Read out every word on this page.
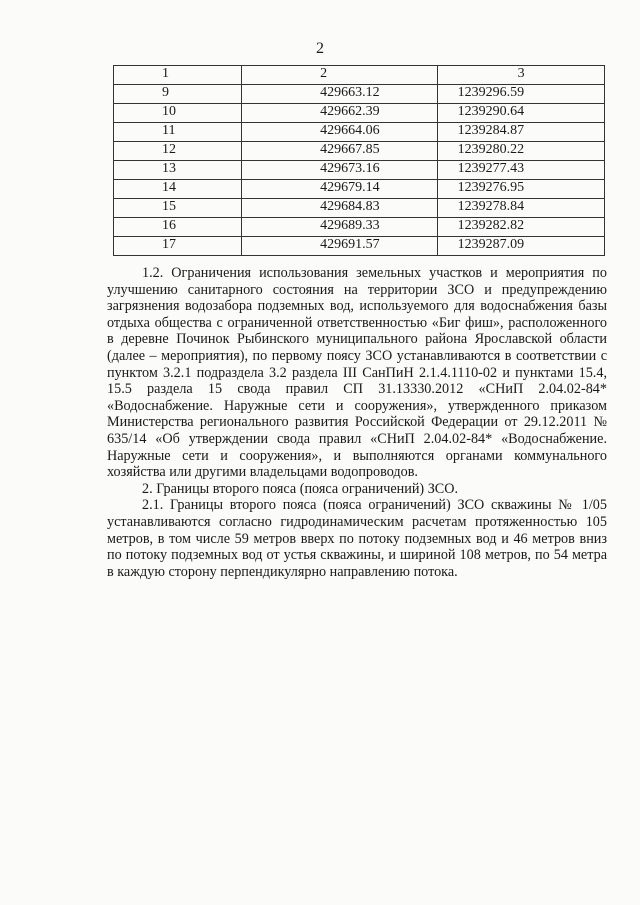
2
1	2	3
9	429663.12	1239296.59
10	429662.39	1239290.64
11	429664.06	1239284.87
12	429667.85	1239280.22
13	429673.16	1239277.43
14	429679.14	1239276.95
15	429684.83	1239278.84
16	429689.33	1239282.82
17	429691.57	1239287.09

1.2. Ограничения использования земельных участков и мероприятия по улучшению санитарного состояния на территории ЗСО и предупреждению загрязнения водозабора подземных вод, используемого для водоснабжения базы отдыха общества с ограниченной ответственностью «Биг фиш», расположенного в деревне Починок Рыбинского муниципального района Ярославской области (далее – мероприятия), по первому поясу ЗСО устанавливаются в соответствии с пунктом 3.2.1 подраздела 3.2 раздела III СанПиН 2.1.4.1110-02 и пунктами 15.4, 15.5 раздела 15 свода правил СП 31.13330.2012 «СНиП 2.04.02-84* «Водоснабжение. Наружные сети и сооружения», утвержденного приказом Министерства регионального развития Российской Федерации от 29.12.2011 № 635/14 «Об утверждении свода правил «СНиП 2.04.02-84* «Водоснабжение. Наружные сети и сооружения», и выполняются органами коммунального хозяйства или другими владельцами водопроводов.

2. Границы второго пояса (пояса ограничений) ЗСО.

2.1. Границы второго пояса (пояса ограничений) ЗСО скважины № 1/05 устанавливаются согласно гидродинамическим расчетам протяженностью 105 метров, в том числе 59 метров вверх по потоку подземных вод и 46 метров вниз по потоку подземных вод от устья скважины, и шириной 108 метров, по 54 метра в каждую сторону перпендикулярно направлению потока.
